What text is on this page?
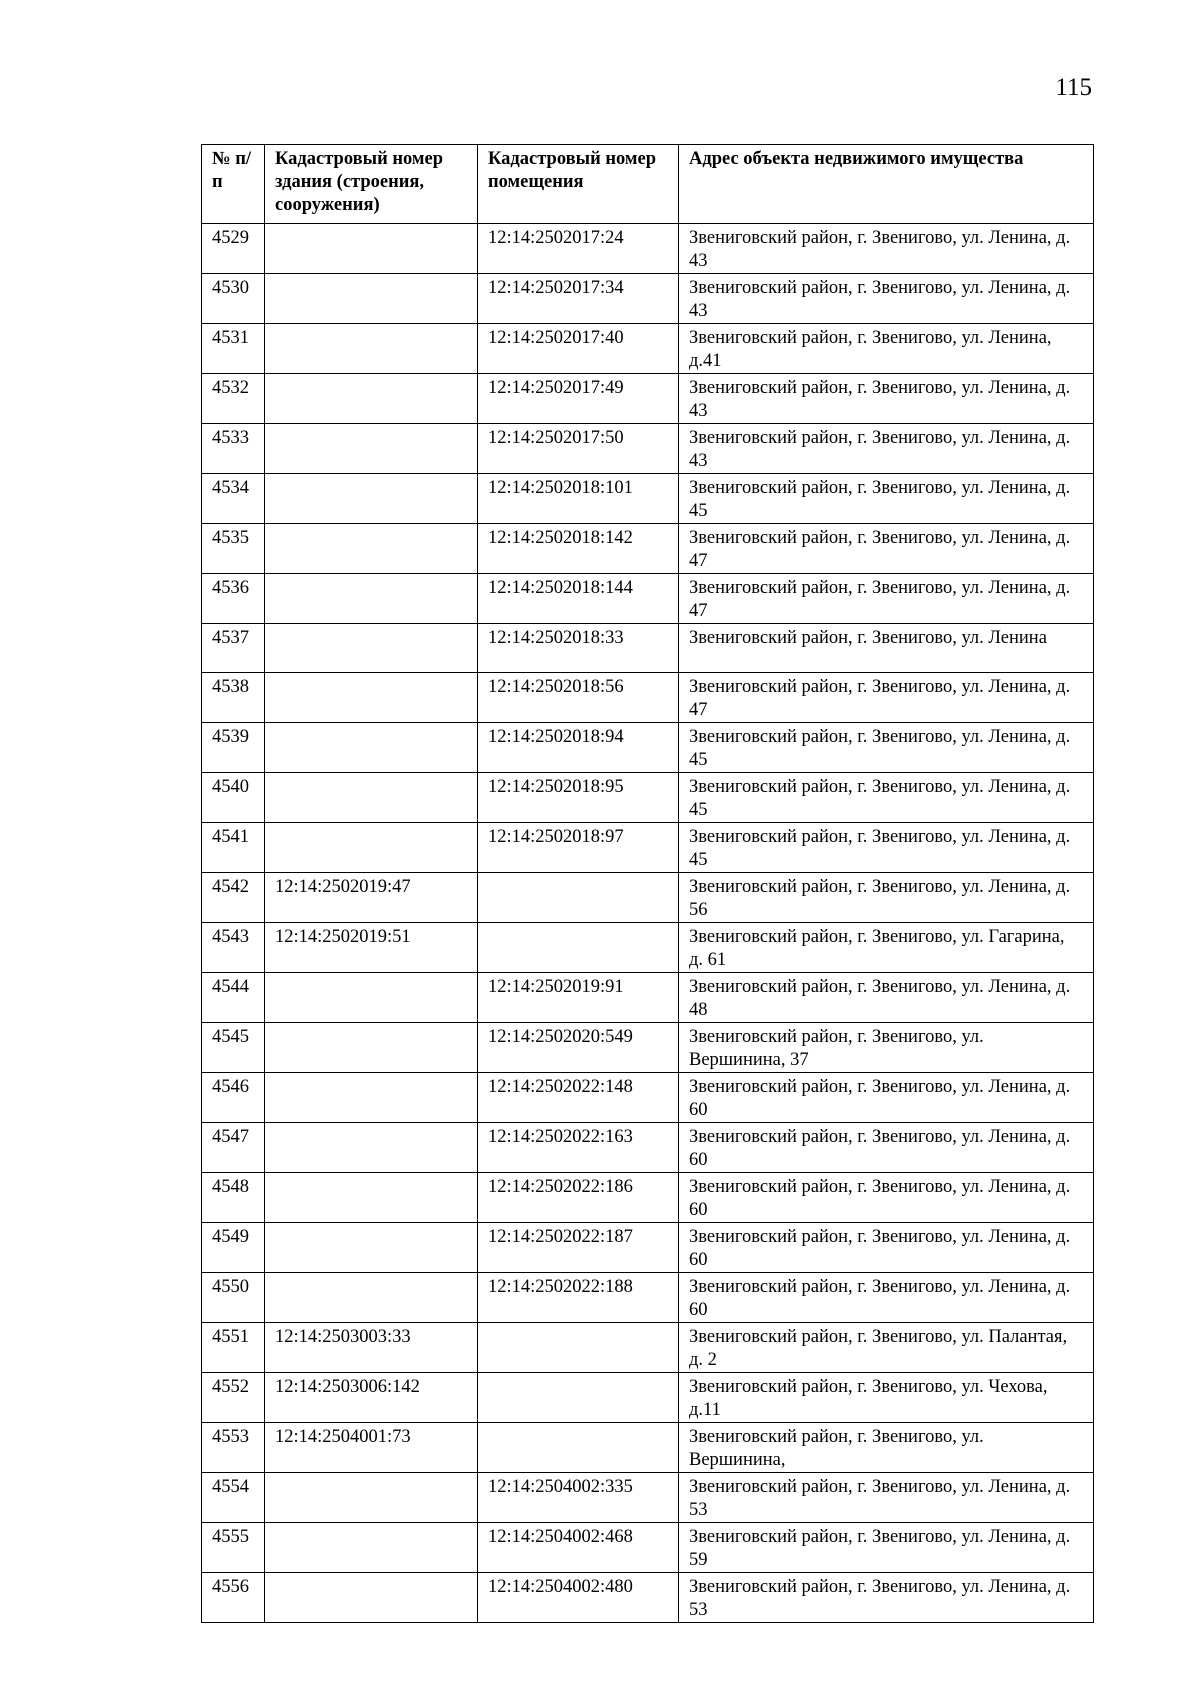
115
№ п/п	Кадастровый номер здания (строения, сооружения)	Кадастровый номер помещения	Адрес объекта недвижимого имущества
4529		12:14:2502017:24	Звениговский район, г. Звенигово, ул. Ленина, д. 43
4530		12:14:2502017:34	Звениговский район, г. Звенигово, ул. Ленина, д. 43
4531		12:14:2502017:40	Звениговский район, г. Звенигово, ул. Ленина, д.41
4532		12:14:2502017:49	Звениговский район, г. Звенигово, ул. Ленина, д. 43
4533		12:14:2502017:50	Звениговский район, г. Звенигово, ул. Ленина, д. 43
4534		12:14:2502018:101	Звениговский район, г. Звенигово, ул. Ленина, д. 45
4535		12:14:2502018:142	Звениговский район, г. Звенигово, ул. Ленина, д. 47
4536		12:14:2502018:144	Звениговский район, г. Звенигово, ул. Ленина, д. 47
4537		12:14:2502018:33	Звениговский район, г. Звенигово, ул. Ленина
4538		12:14:2502018:56	Звениговский район, г. Звенигово, ул. Ленина, д. 47
4539		12:14:2502018:94	Звениговский район, г. Звенигово, ул. Ленина, д. 45
4540		12:14:2502018:95	Звениговский район, г. Звенигово, ул. Ленина, д. 45
4541		12:14:2502018:97	Звениговский район, г. Звенигово, ул. Ленина, д. 45
4542	12:14:2502019:47		Звениговский район, г. Звенигово, ул. Ленина, д. 56
4543	12:14:2502019:51		Звениговский район, г. Звенигово, ул. Гагарина, д. 61
4544		12:14:2502019:91	Звениговский район, г. Звенигово, ул. Ленина, д. 48
4545		12:14:2502020:549	Звениговский район, г. Звенигово, ул. Вершинина, 37
4546		12:14:2502022:148	Звениговский район, г. Звенигово, ул. Ленина, д. 60
4547		12:14:2502022:163	Звениговский район, г. Звенигово, ул. Ленина, д. 60
4548		12:14:2502022:186	Звениговский район, г. Звенигово, ул. Ленина, д. 60
4549		12:14:2502022:187	Звениговский район, г. Звенигово, ул. Ленина, д. 60
4550		12:14:2502022:188	Звениговский район, г. Звенигово, ул. Ленина, д. 60
4551	12:14:2503003:33		Звениговский район, г. Звенигово, ул. Палантая, д. 2
4552	12:14:2503006:142		Звениговский район, г. Звенигово, ул. Чехова, д.11
4553	12:14:2504001:73		Звениговский район, г. Звенигово, ул. Вершинина,
4554		12:14:2504002:335	Звениговский район, г. Звенигово, ул. Ленина, д. 53
4555		12:14:2504002:468	Звениговский район, г. Звенигово, ул. Ленина, д. 59
4556		12:14:2504002:480	Звениговский район, г. Звенигово, ул. Ленина, д. 53
